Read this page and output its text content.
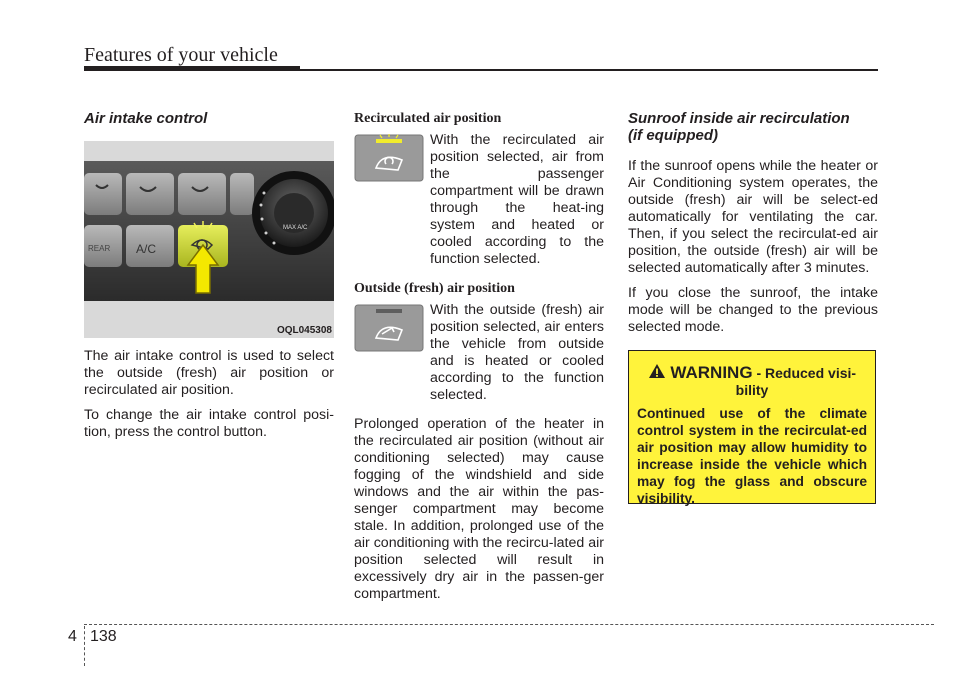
Features of your vehicle
Air intake control
REAR A/C
MAX A/C
OQL045308

The air intake control is used to select the outside (fresh) air position or recirculated air position.

To change the air intake control posi-tion, press the control button.

Recirculated air position

With the recirculated air position selected, air from the passenger compartment will be drawn through the heat-ing system and heated or cooled according to the function selected.

Outside (fresh) air position

With the outside (fresh) air position selected, air enters the vehicle from outside and is heated or cooled according to the function selected.

Prolonged operation of the heater in the recirculated air position (without air conditioning selected) may cause fogging of the windshield and side windows and the air within the pas-senger compartment may become stale. In addition, prolonged use of the air conditioning with the recircu-lated air position selected will result in excessively dry air in the passen-ger compartment.

Sunroof inside air recirculation
(if equipped)

If the sunroof opens while the heater or Air Conditioning system operates, the outside (fresh) air will be select-ed automatically for ventilating the car. Then, if you select the recirculat-ed air position, the outside (fresh) air will be selected automatically after 3 minutes.

If you close the sunroof, the intake mode will be changed to the previous selected mode.

WARNING - Reduced visi-bility

Continued use of the climate control system in the recirculat-ed air position may allow humidity to increase inside the vehicle which may fog the glass and obscure visibility.

4 138
